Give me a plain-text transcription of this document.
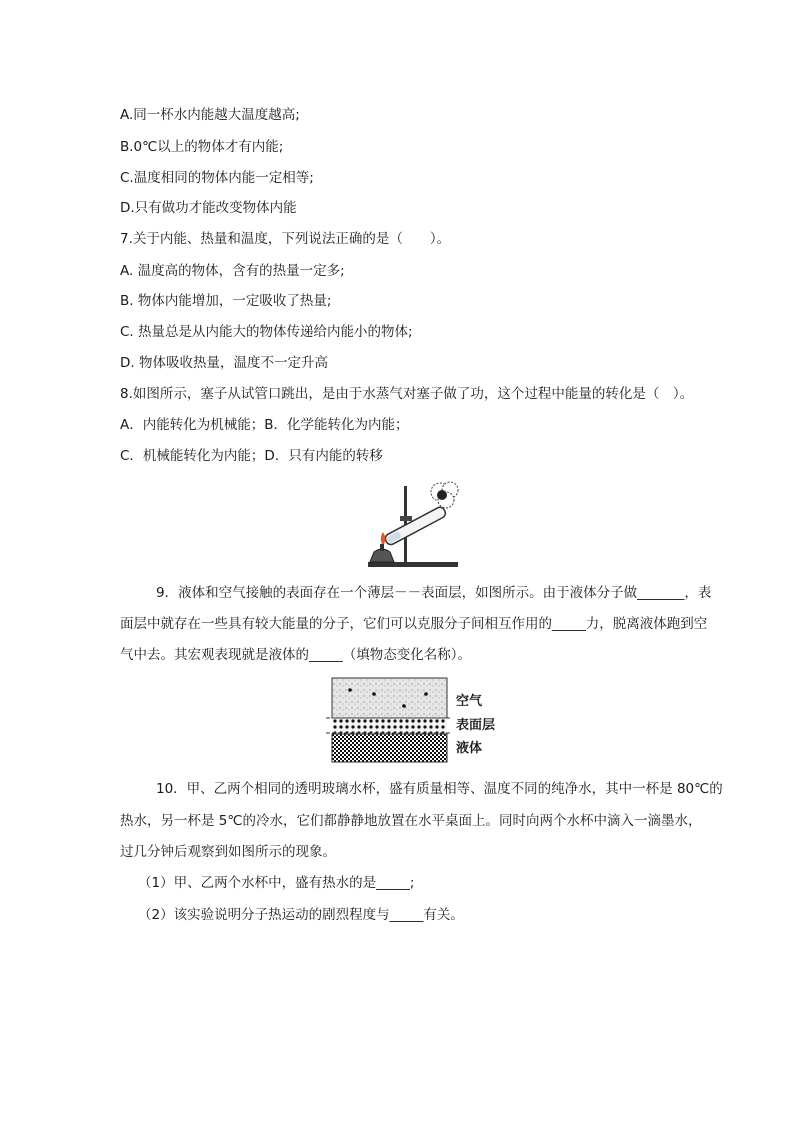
A.同一杯水内能越大温度越高;
B.0℃以上的物体才有内能;
C.温度相同的物体内能一定相等;
D.只有做功才能改变物体内能
7.关于内能、热量和温度，下列说法正确的是（　　）。
A. 温度高的物体，含有的热量一定多;
B. 物体内能增加，一定吸收了热量;
C. 热量总是从内能大的物体传递给内能小的物体;
D. 物体吸收热量，温度不一定升高
8.如图所示，塞子从试管口跳出，是由于水蒸气对塞子做了功，这个过程中能量的转化是（　）。
A．内能转化为机械能；B．化学能转化为内能；
C．机械能转化为内能；D．只有内能的转移
9．液体和空气接触的表面存在一个薄层－－表面层，如图所示。由于液体分子做_______，表
面层中就存在一些具有较大能量的分子，它们可以克服分子间相互作用的_____力，脱离液体跑到空
气中去。其宏观表现就是液体的_____（填物态变化名称）。
空气
表面层
液体
10．甲、乙两个相同的透明玻璃水杯，盛有质量相等、温度不同的纯净水，其中一杯是 80℃的
热水，另一杯是 5℃的冷水，它们都静静地放置在水平桌面上。同时向两个水杯中滴入一滴墨水，
过几分钟后观察到如图所示的现象。
（1）甲、乙两个水杯中，盛有热水的是_____;
（2）该实验说明分子热运动的剧烈程度与_____有关。
